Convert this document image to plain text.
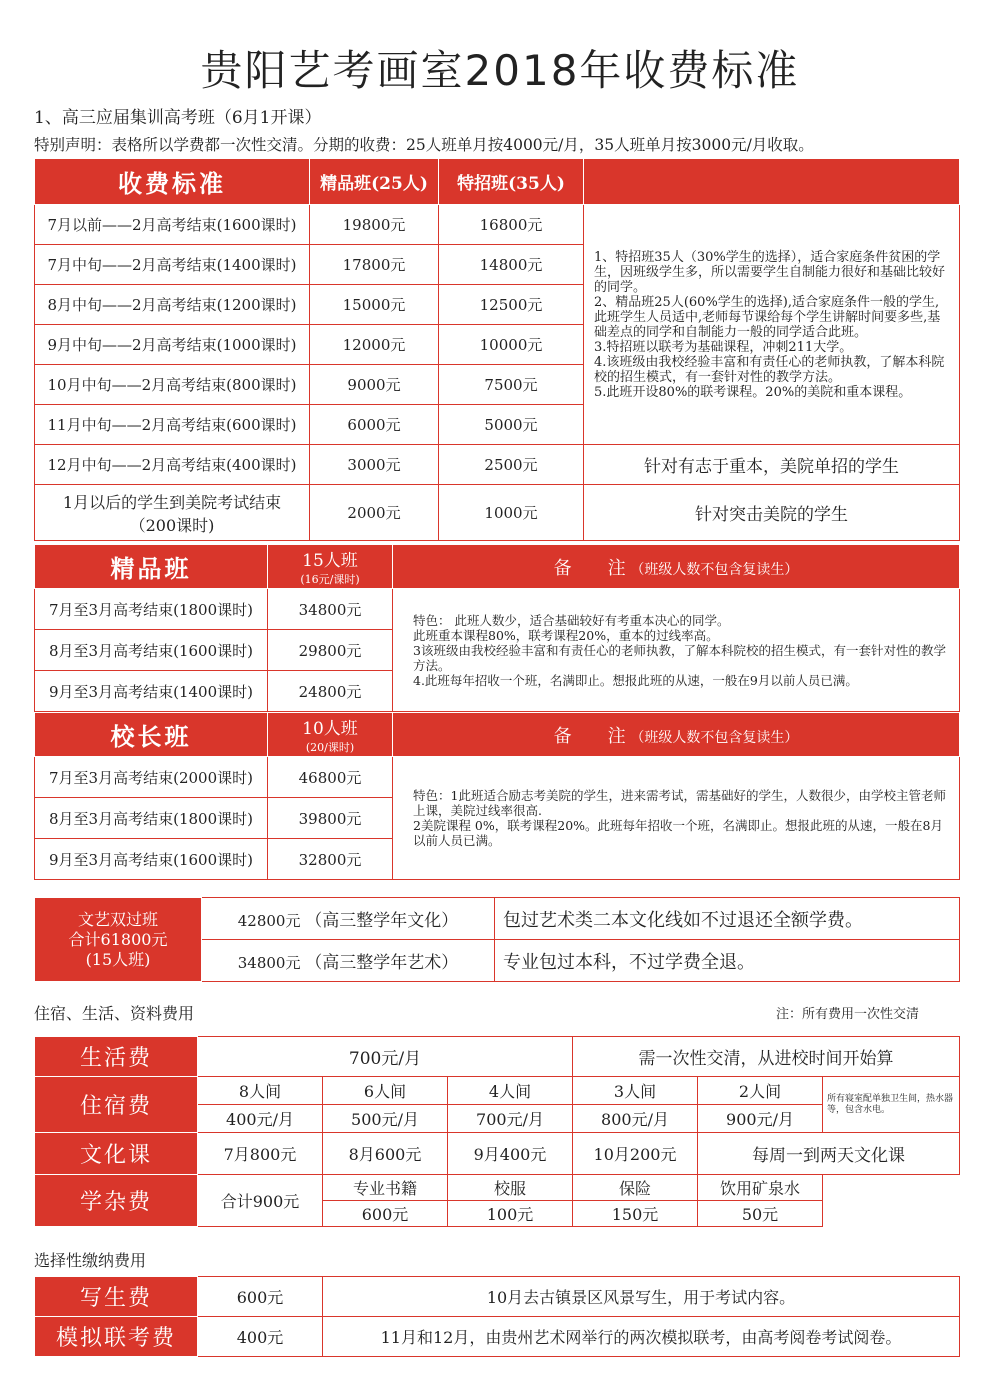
贵阳艺考画室2018年收费标准
1、高三应届集训高考班（6月1开课）
特别声明：表格所以学费都一次性交清。分期的收费：25人班单月按4000元/月，35人班单月按3000元/月收取。
收费标准	精品班(25人)	特招班(35人)	
7月以前——2月高考结束(1600课时)	19800元	16800元	1、特招班35人（30%学生的选择），适合家庭条件贫困的学生，因班级学生多，所以需要学生自制能力很好和基础比较好的同学。
2、精品班25人(60%学生的选择),适合家庭条件一般的学生,此班学生人员适中,老师每节课给每个学生讲解时间要多些,基础差点的同学和自制能力一般的同学适合此班。
3.特招班以联考为基础课程，冲刺211大学。
4.该班级由我校经验丰富和有责任心的老师执教，了解本科院校的招生模式，有一套针对性的教学方法。
5.此班开设80%的联考课程。20%的美院和重本课程。
7月中旬——2月高考结束(1400课时)	17800元	14800元	
8月中旬——2月高考结束(1200课时)	15000元	12500元	
9月中旬——2月高考结束(1000课时)	12000元	10000元	
10月中旬——2月高考结束(800课时)	9000元	7500元	
11月中旬——2月高考结束(600课时)	6000元	5000元	
12月中旬——2月高考结束(400课时)	3000元	2500元	针对有志于重本，美院单招的学生
1月以后的学生到美院考试结束 （200课时)	2000元	1000元	针对突击美院的学生
精品班	15人班
(16元/课时)	备　　注 （班级人数不包含复读生）
7月至3月高考结束(1800课时)	34800元	特色： 此班人数少，适合基础较好有考重本决心的同学。
此班重本课程80%，联考课程20%，重本的过线率高。
3该班级由我校经验丰富和有责任心的老师执教，了解本科院校的招生模式，有一套针对性的教学方法。
4.此班每年招收一个班，名满即止。想报此班的从速，一般在9月以前人员已满。
8月至3月高考结束(1600课时)	29800元	
9月至3月高考结束(1400课时)	24800元	
校长班	10人班
(20/课时)	备　　注 （班级人数不包含复读生）
7月至3月高考结束(2000课时)	46800元	特色：1此班适合励志考美院的学生，进来需考试，需基础好的学生，人数很少，由学校主管老师上课，美院过线率很高.
2美院课程 0%，联考课程20%。此班每年招收一个班，名满即止。想报此班的从速，一般在8月以前人员已满。
8月至3月高考结束(1800课时)	39800元	
9月至3月高考结束(1600课时)	32800元	
文艺双过班
合计61800元
(15人班)	42800元 （高三整学年文化）	包过艺术类二本文化线如不过退还全额学费。
	34800元 （高三整学年艺术）	专业包过本科，不过学费全退。
住宿、生活、资料费用	注：所有费用一次性交清
生活费	700元/月			需一次性交清，从进校时间开始算		
住宿费	8人间	6人间	4人间	3人间	2人间	所有寝室配单独卫生间，热水器等，包含水电。
	400元/月	500元/月	700元/月	800元/月	900元/月	
文化课	7月800元	8月600元	9月400元	10月200元	每周一到两天文化课	
学杂费	合计900元	专业书籍	校服	保险	饮用矿泉水	
		600元	100元	150元	50元	
选择性缴纳费用
写生费	600元	10月去古镇景区风景写生，用于考试内容。
模拟联考费	400元	11月和12月，由贵州艺术网举行的两次模拟联考，由高考阅卷考试阅卷。
